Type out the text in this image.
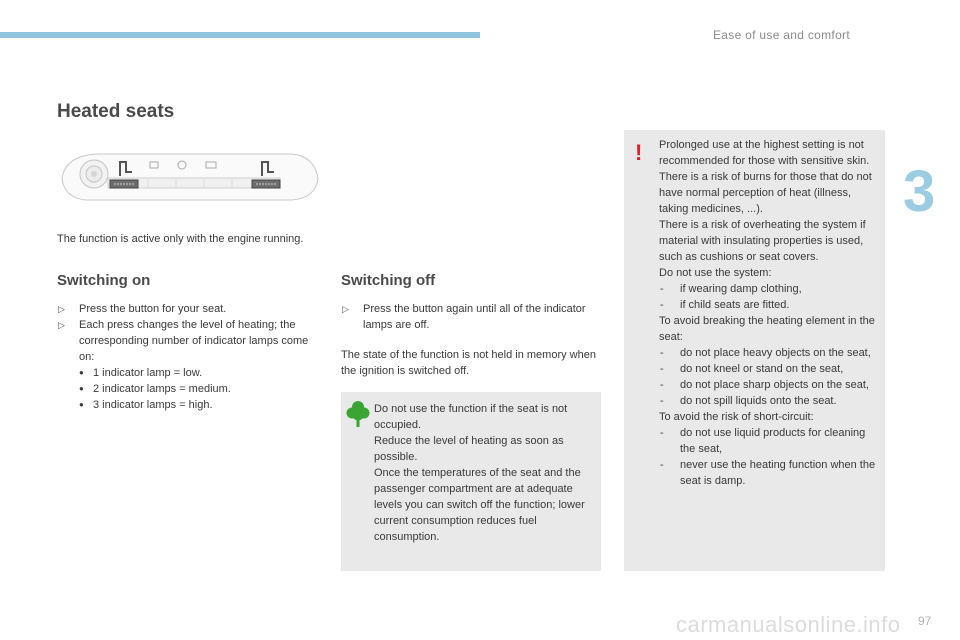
Ease of use and comfort
3
carmanualsonline.info 97
Heated seats

The function is active only with the engine running.

Switching on
▷ Press the button for your seat.
▷ Each press changes the level of heating; the corresponding number of indicator lamps come on:
● 1 indicator lamp = low.
● 2 indicator lamps = medium.
● 3 indicator lamps = high.
Switching off
▷ Press the button again until all of the indicator lamps are off.

The state of the function is not held in memory when the ignition is switched off.

Do not use the function if the seat is not occupied.

Reduce the level of heating as soon as possible.

Once the temperatures of the seat and the passenger compartment are at adequate levels you can switch off the function; lower current consumption reduces fuel consumption.

! Prolonged use at the highest setting is not recommended for those with sensitive skin.

There is a risk of burns for those that do not have normal perception of heat (illness, taking medicines, ...).

There is a risk of overheating the system if material with insulating properties is used, such as cushions or seat covers.

Do not use the system:

- if wearing damp clothing,
- if child seats are fitted.

To avoid breaking the heating element in the seat:

- do not place heavy objects on the seat,
- do not kneel or stand on the seat,
- do not place sharp objects on the seat,
- do not spill liquids onto the seat.

To avoid the risk of short-circuit:

- do not use liquid products for cleaning the seat,
- never use the heating function when the seat is damp.
